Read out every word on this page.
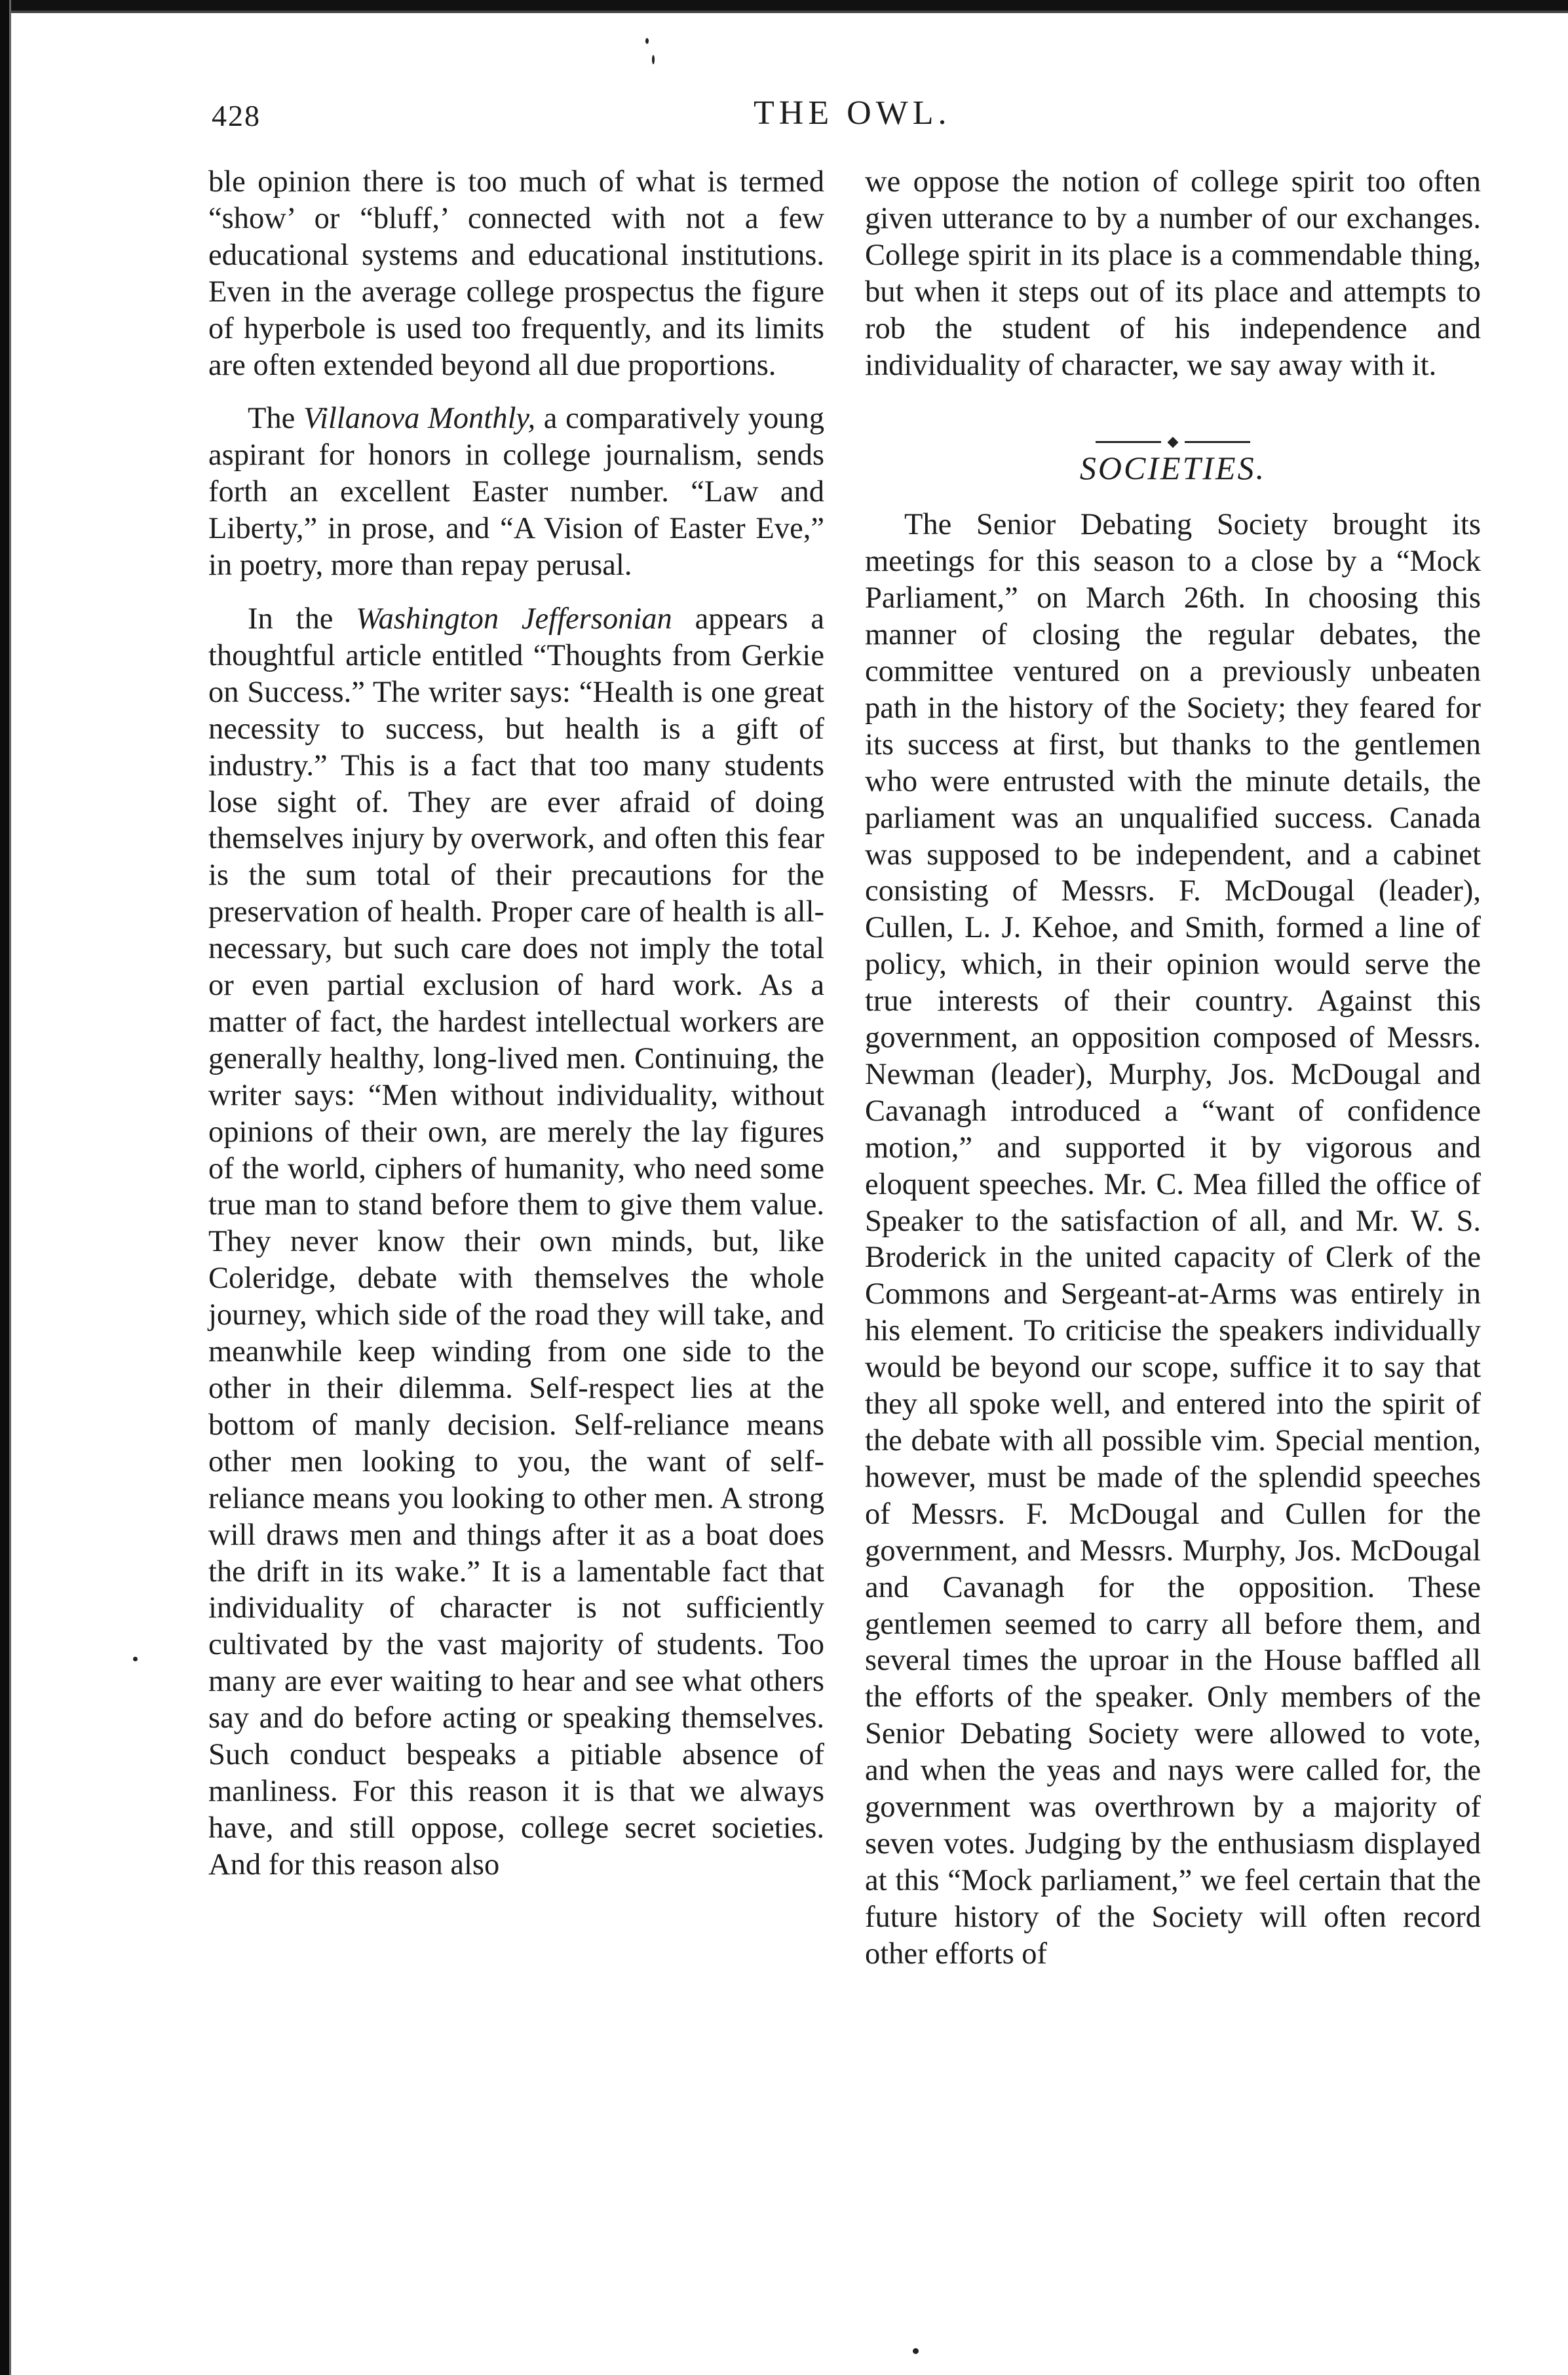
428	THE OWL.

ble opinion there is too much of what is termed “show’ or “bluff,’ connected with not a few educational systems and educational institutions. Even in the average college prospectus the figure of hyperbole is used too frequently, and its limits are often extended beyond all due proportions.

The Villanova Monthly, a comparatively young aspirant for honors in college journalism, sends forth an excellent Easter number. “Law and Liberty,” in prose, and “A Vision of Easter Eve,” in poetry, more than repay perusal.

In the Washington Jeffersonian appears a thoughtful article entitled “Thoughts from Gerkie on Success.” The writer says: “Health is one great necessity to success, but health is a gift of industry.” This is a fact that too many students lose sight of. They are ever afraid of doing themselves injury by overwork, and often this fear is the sum total of their precautions for the preservation of health. Proper care of health is all-necessary, but such care does not imply the total or even partial exclusion of hard work. As a matter of fact, the hardest intellectual workers are generally healthy, long-lived men. Continuing, the writer says: “Men without individuality, without opinions of their own, are merely the lay figures of the world, ciphers of humanity, who need some true man to stand before them to give them value. They never know their own minds, but, like Coleridge, debate with themselves the whole journey, which side of the road they will take, and meanwhile keep winding from one side to the other in their dilemma. Self-respect lies at the bottom of manly decision. Self-reliance means other men looking to you, the want of self-reliance means you looking to other men. A strong will draws men and things after it as a boat does the drift in its wake.” It is a lamentable fact that individuality of character is not sufficiently cultivated by the vast majority of students. Too many are ever waiting to hear and see what others say and do before acting or speaking themselves. Such conduct bespeaks a pitiable absence of manliness. For this reason it is that we always have, and still oppose, college secret societies. And for this reason also

we oppose the notion of college spirit too often given utterance to by a number of our exchanges. College spirit in its place is a commendable thing, but when it steps out of its place and attempts to rob the student of his independence and individuality of character, we say away with it.

SOCIETIES.

The Senior Debating Society brought its meetings for this season to a close by a “Mock Parliament,” on March 26th. In choosing this manner of closing the regular debates, the committee ventured on a previously unbeaten path in the history of the Society; they feared for its success at first, but thanks to the gentlemen who were entrusted with the minute details, the parliament was an unqualified success. Canada was supposed to be independent, and a cabinet consisting of Messrs. F. McDougal (leader), Cullen, L. J. Kehoe, and Smith, formed a line of policy, which, in their opinion would serve the true interests of their country. Against this government, an opposition composed of Messrs. Newman (leader), Murphy, Jos. McDougal and Cavanagh introduced a “want of confidence motion,” and supported it by vigorous and eloquent speeches. Mr. C. Mea filled the office of Speaker to the satisfaction of all, and Mr. W. S. Broderick in the united capacity of Clerk of the Commons and Sergeant-at-Arms was entirely in his element. To criticise the speakers individually would be beyond our scope, suffice it to say that they all spoke well, and entered into the spirit of the debate with all possible vim. Special mention, however, must be made of the splendid speeches of Messrs. F. McDougal and Cullen for the government, and Messrs. Murphy, Jos. McDougal and Cavanagh for the opposition. These gentlemen seemed to carry all before them, and several times the uproar in the House baffled all the efforts of the speaker. Only members of the Senior Debating Society were allowed to vote, and when the yeas and nays were called for, the government was overthrown by a majority of seven votes. Judging by the enthusiasm displayed at this “Mock parliament,” we feel certain that the future history of the Society will often record other efforts of
